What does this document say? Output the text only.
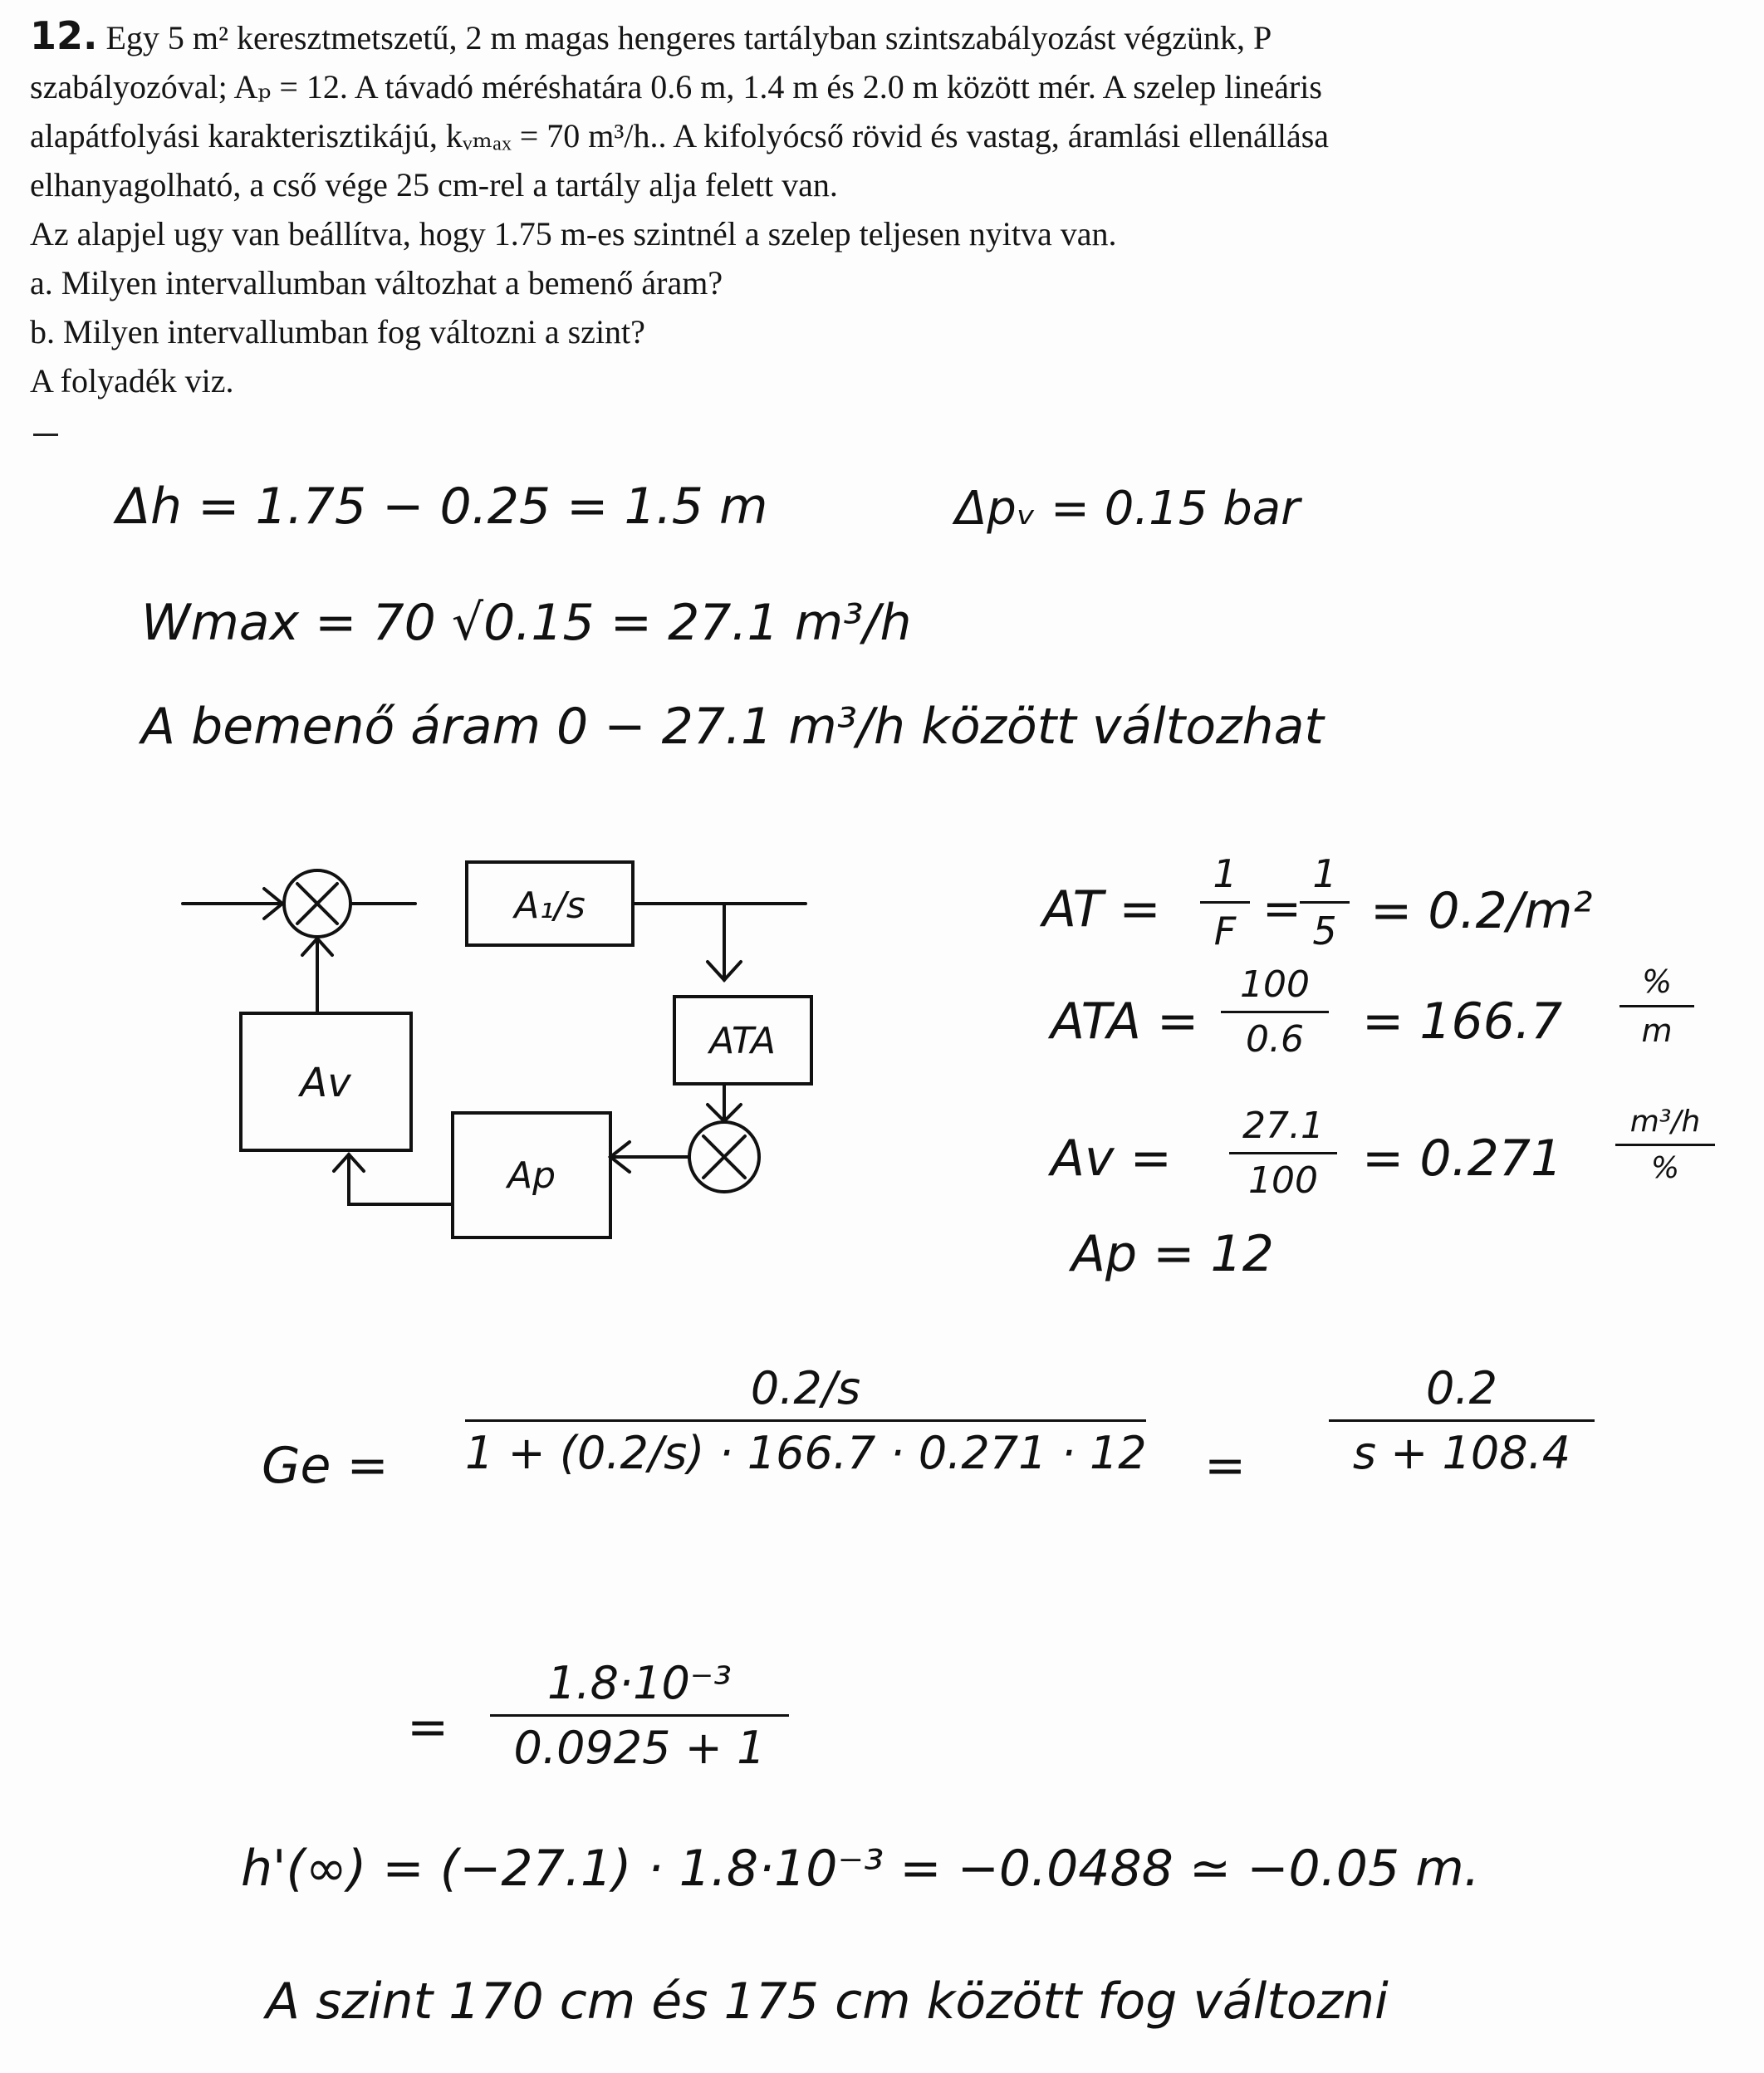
12. Egy 5 m² keresztmetszetű, 2 m magas hengeres tartályban szintszabályozást végzünk, P

szabályozóval; Aₚ = 12. A távadó méréshatára 0.6 m, 1.4 m és 2.0 m között mér. A szelep lineáris

alapátfolyási karakterisztikájú, kᵥₘₐₓ = 70 m³/h.. A kifolyócső rövid és vastag, áramlási ellenállása

elhanyagolható, a cső vége 25 cm-rel a tartály alja felett van.

Az alapjel ugy van beállítva, hogy 1.75 m-es szintnél a szelep teljesen nyitva van.

a. Milyen intervallumban változhat a bemenő áram?

b. Milyen intervallumban fog változni a szint?

A folyadék viz.

Δh = 1.75 − 0.25 = 1.5 m	Δpᵥ = 0.15 bar
Wmax = 70 √0.15 = 27.1 m³/h
A bemenő áram 0 − 27.1 m³/h között változhat
A₁/s
ATA
Av
Ap
AT =
1
F =
1
5 = 0.2/m²
ATA =
100
0.6	= 166.7
%
m
Av =
27.1
100 = 0.271
m³/h
%
Ap = 12
Ge =
0.2/s
1 + (0.2/s) · 166.7 · 0.271 · 12 =
0.2
s + 108.4
=
1.8·10⁻³
0.0925 + 1
h'(∞) = (−27.1) · 1.8·10⁻³ = −0.0488 ≃ −0.05 m.
A szint 170 cm és 175 cm között fog változni
